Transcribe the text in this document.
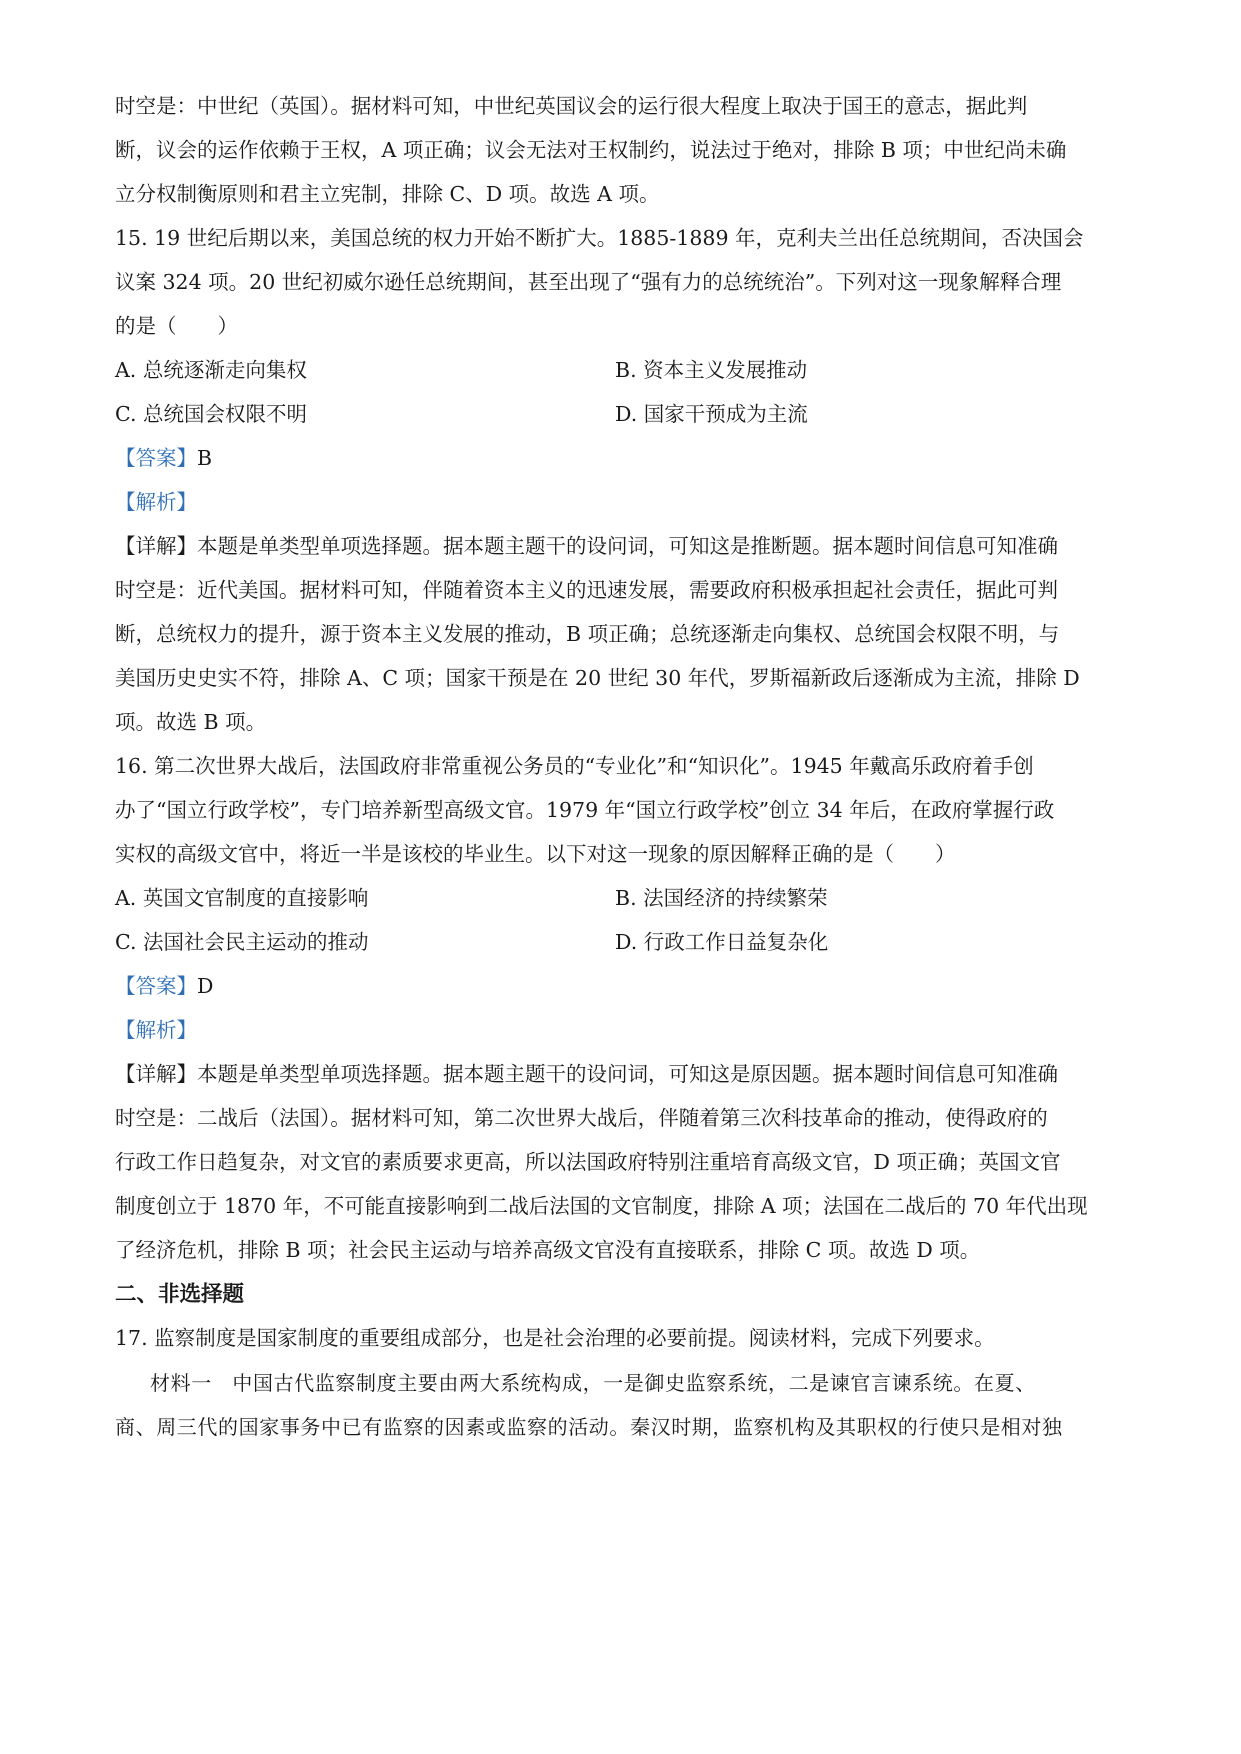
时空是：中世纪（英国）。据材料可知，中世纪英国议会的运行很大程度上取决于国王的意志，据此判
断，议会的运作依赖于王权，A 项正确；议会无法对王权制约，说法过于绝对，排除 B 项；中世纪尚未确
立分权制衡原则和君主立宪制，排除 C、D 项。故选 A 项。
15. 19 世纪后期以来，美国总统的权力开始不断扩大。1885-1889 年，克利夫兰出任总统期间，否决国会
议案 324 项。20 世纪初威尔逊任总统期间，甚至出现了“强有力的总统统治”。下列对这一现象解释合理
的是（　　）
A. 总统逐渐走向集权	B. 资本主义发展推动
C. 总统国会权限不明	D. 国家干预成为主流
【答案】B
【解析】
【详解】本题是单类型单项选择题。据本题主题干的设问词，可知这是推断题。据本题时间信息可知准确
时空是：近代美国。据材料可知，伴随着资本主义的迅速发展，需要政府积极承担起社会责任，据此可判
断，总统权力的提升，源于资本主义发展的推动，B 项正确；总统逐渐走向集权、总统国会权限不明，与
美国历史史实不符，排除 A、C 项；国家干预是在 20 世纪 30 年代，罗斯福新政后逐渐成为主流，排除 D
项。故选 B 项。
16. 第二次世界大战后，法国政府非常重视公务员的“专业化”和“知识化”。1945 年戴高乐政府着手创
办了“国立行政学校”，专门培养新型高级文官。1979 年“国立行政学校”创立 34 年后，在政府掌握行政
实权的高级文官中，将近一半是该校的毕业生。以下对这一现象的原因解释正确的是（　　）
A. 英国文官制度的直接影响	B. 法国经济的持续繁荣
C. 法国社会民主运动的推动	D. 行政工作日益复杂化
【答案】D
【解析】
【详解】本题是单类型单项选择题。据本题主题干的设问词，可知这是原因题。据本题时间信息可知准确
时空是：二战后（法国）。据材料可知，第二次世界大战后，伴随着第三次科技革命的推动，使得政府的
行政工作日趋复杂，对文官的素质要求更高，所以法国政府特别注重培育高级文官，D 项正确；英国文官
制度创立于 1870 年，不可能直接影响到二战后法国的文官制度，排除 A 项；法国在二战后的 70 年代出现
了经济危机，排除 B 项；社会民主运动与培养高级文官没有直接联系，排除 C 项。故选 D 项。
二、非选择题
17. 监察制度是国家制度的重要组成部分，也是社会治理的必要前提。阅读材料，完成下列要求。
材料一　中国古代监察制度主要由两大系统构成，一是御史监察系统，二是谏官言谏系统。在夏、
商、周三代的国家事务中已有监察的因素或监察的活动。秦汉时期，监察机构及其职权的行使只是相对独
